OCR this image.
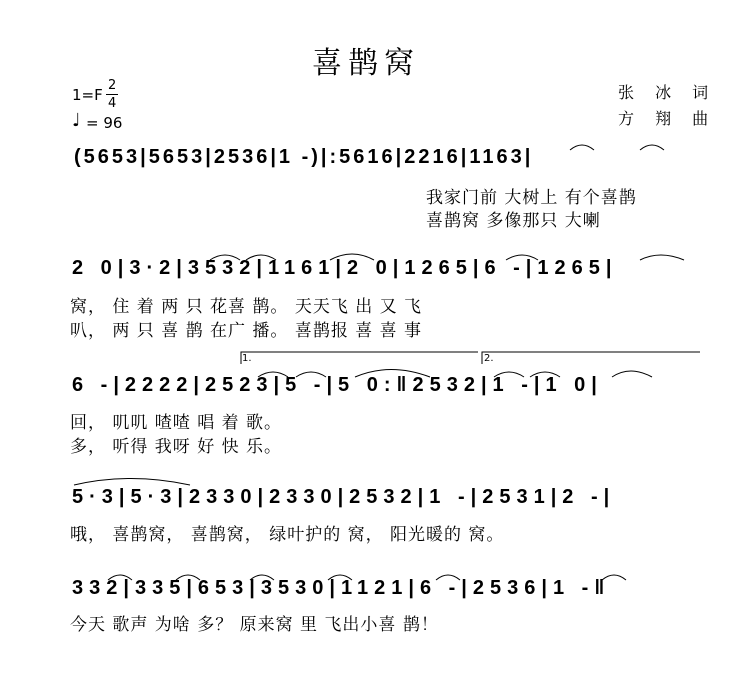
喜鹊窝
1=F
2
4
♩ = 96
张 冰 词
方 翔 曲
(5653|5653|2536|1 -)|:5616|2216|1163|
我家门前 大树上 有个喜鹊
喜鹊窝 多像那只 大喇
2 0|3·2|3532|1161|2 0|1265|6 -|1265|
窝， 住 着 两 只 花喜 鹊。 天天飞 出 又 飞
叭， 两 只 喜 鹊 在广 播。 喜鹊报 喜 喜 事
1.	2.
6 -|2222|2523|5 -|5 0:‖2532|1 -|1 0|
回， 叽叽 喳喳 唱 着 歌。
多， 听得 我呀 好 快 乐。
5·3|5·3|2330|2330|2532|1 -|2531|2 -|
哦， 喜鹊窝， 喜鹊窝， 绿叶护的 窝， 阳光暖的 窝。
332|335|653|3530|1121|6 -|2536|1 -‖
今天 歌声 为啥 多？ 原来窝 里 飞出小喜 鹊！
